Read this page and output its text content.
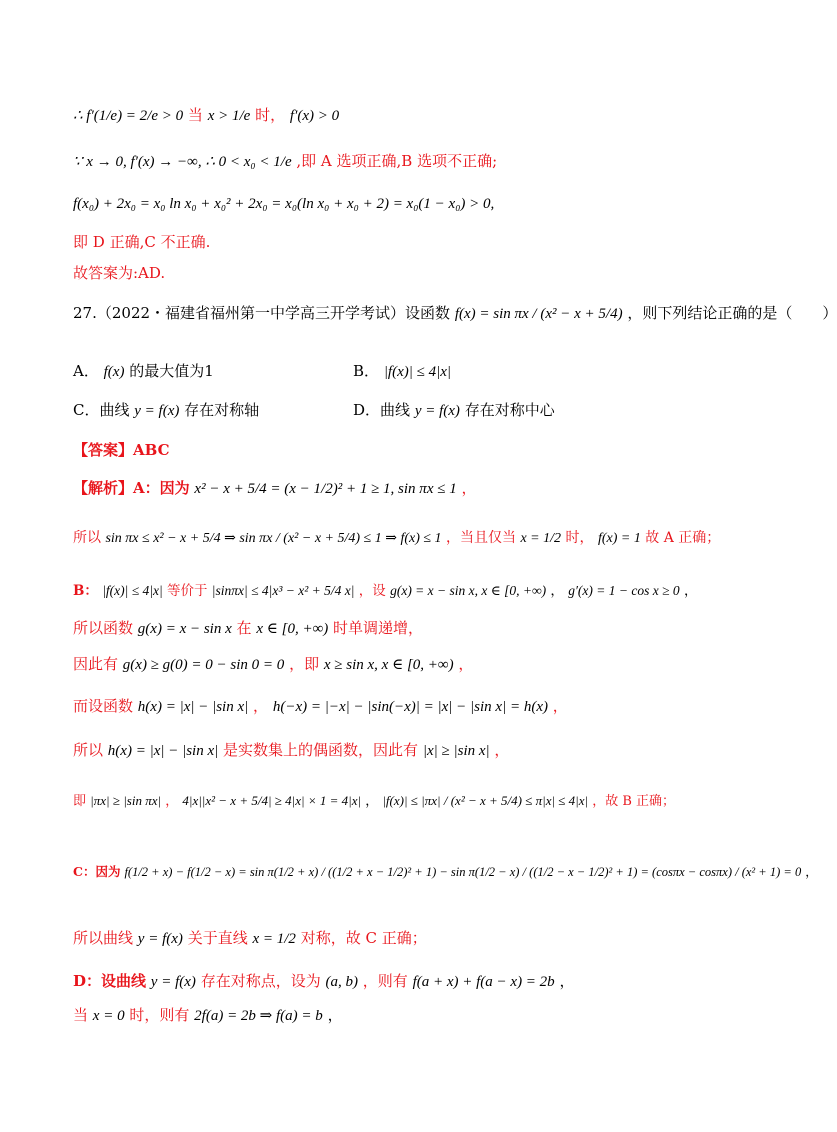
∴ f′(1/e) = 2/e > 0 当 x > 1/e 时， f′(x) > 0
∵ x → 0, f′(x) → −∞, ∴ 0 < x₀ < 1/e ,即 A 选项正确,B 选项不正确;
f(x₀) + 2x₀ = x₀ ln x₀ + x₀² + 2x₀ = x₀(ln x₀ + x₀ + 2) = x₀(1 − x₀) > 0,
即 D 正确,C 不正确.
故答案为:AD.
27.（2022・福建省福州第一中学高三开学考试）设函数 f(x) = sin πx / (x² − x + 5/4) ，则下列结论正确的是（　　）
A． f(x) 的最大值为1	B． |f(x)| ≤ 4|x|
C．曲线 y = f(x) 存在对称轴	D．曲线 y = f(x) 存在对称中心
【答案】ABC
【解析】A：因为 x² − x + 5/4 = (x − 1/2)² + 1 ≥ 1, sin πx ≤ 1 ，
所以 sin πx ≤ x² − x + 5/4 ⇒ sin πx / (x² − x + 5/4) ≤ 1 ⇒ f(x) ≤ 1 ，当且仅当 x = 1/2 时， f(x) = 1 故 A 正确；
B： |f(x)| ≤ 4|x| 等价于 |sinπx| ≤ 4|x³ − x² + 5/4 x| ，设 g(x) = x − sin x, x ∈ [0, +∞) ， g′(x) = 1 − cos x ≥ 0 ，
所以函数 g(x) = x − sin x 在 x ∈ [0, +∞) 时单调递增，
因此有 g(x) ≥ g(0) = 0 − sin 0 = 0 ，即 x ≥ sin x, x ∈ [0, +∞) ，
而设函数 h(x) = |x| − |sin x| ， h(−x) = |−x| − |sin(−x)| = |x| − |sin x| = h(x) ，
所以 h(x) = |x| − |sin x| 是实数集上的偶函数，因此有 |x| ≥ |sin x| ，
即 |πx| ≥ |sin πx| ， 4|x||x² − x + 5/4| ≥ 4|x| × 1 = 4|x| ， |f(x)| ≤ |πx| / (x² − x + 5/4) ≤ π|x| ≤ 4|x| ，故 B 正确；
C：因为 f(1/2 + x) − f(1/2 − x) = sin π(1/2 + x) / ((1/2 + x − 1/2)² + 1) − sin π(1/2 − x) / ((1/2 − x − 1/2)² + 1) = (cosπx − cosπx) / (x² + 1) = 0 ，
所以曲线 y = f(x) 关于直线 x = 1/2 对称，故 C 正确；
D：设曲线 y = f(x) 存在对称点，设为 (a, b) ，则有 f(a + x) + f(a − x) = 2b ，
当 x = 0 时，则有 2f(a) = 2b ⇒ f(a) = b ，
